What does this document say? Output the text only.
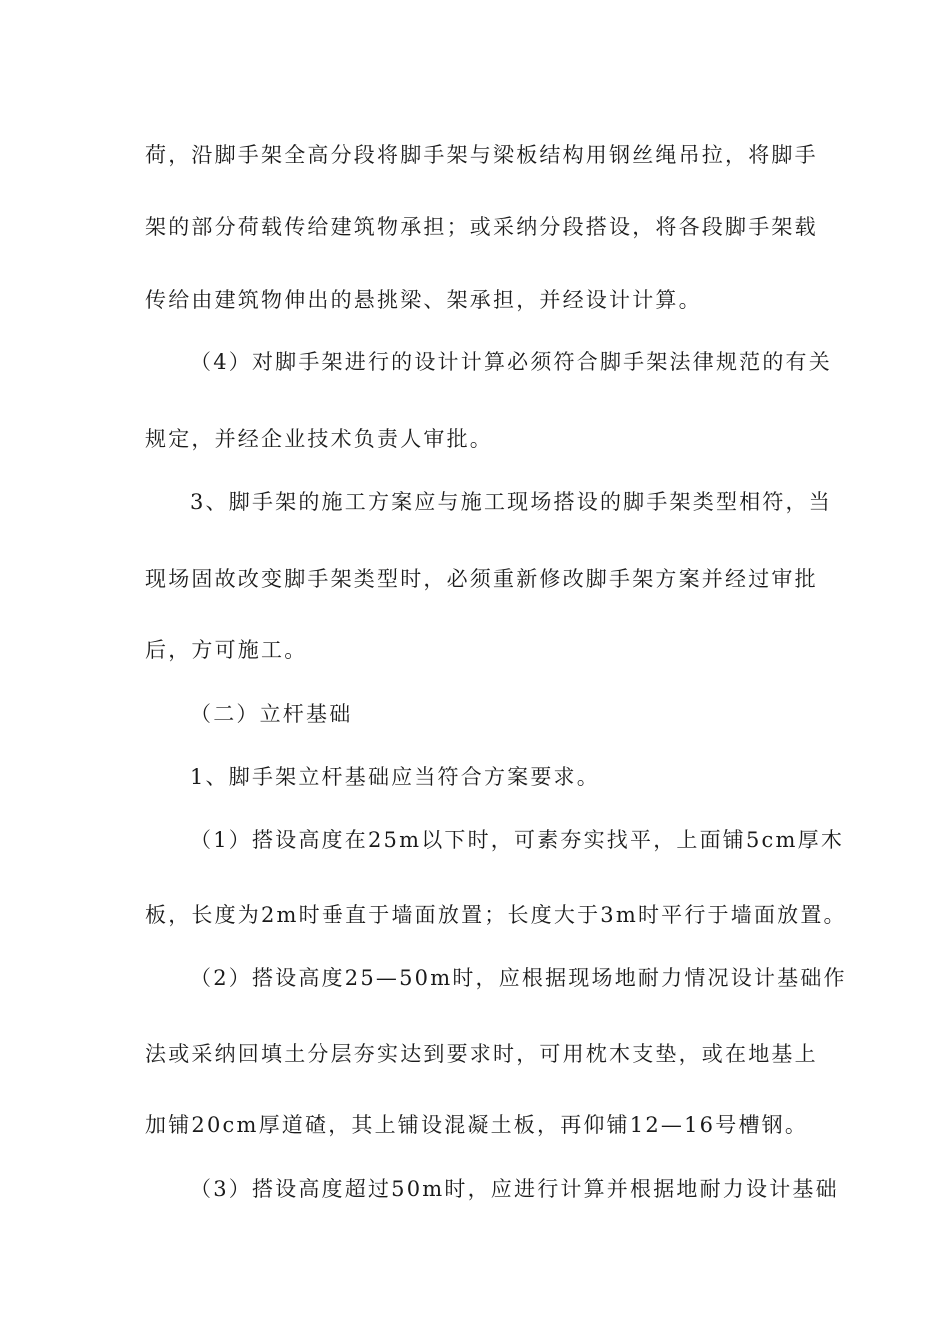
荷，沿脚手架全高分段将脚手架与梁板结构用钢丝绳吊拉，将脚手
架的部分荷载传给建筑物承担；或采纳分段搭设，将各段脚手架载
传给由建筑物伸出的悬挑梁、架承担，并经设计计算。
（4）对脚手架进行的设计计算必须符合脚手架法律规范的有关
规定，并经企业技术负责人审批。
3、脚手架的施工方案应与施工现场搭设的脚手架类型相符，当
现场固故改变脚手架类型时，必须重新修改脚手架方案并经过审批
后，方可施工。
（二）立杆基础
1、脚手架立杆基础应当符合方案要求。
（1）搭设高度在25m以下时，可素夯实找平，上面铺5cm厚木
板，长度为2m时垂直于墙面放置；长度大于3m时平行于墙面放置。
（2）搭设高度25—50m时，应根据现场地耐力情况设计基础作
法或采纳回填土分层夯实达到要求时，可用枕木支垫，或在地基上
加铺20cm厚道碴，其上铺设混凝土板，再仰铺12—16号槽钢。
（3）搭设高度超过50m时，应进行计算并根据地耐力设计基础
